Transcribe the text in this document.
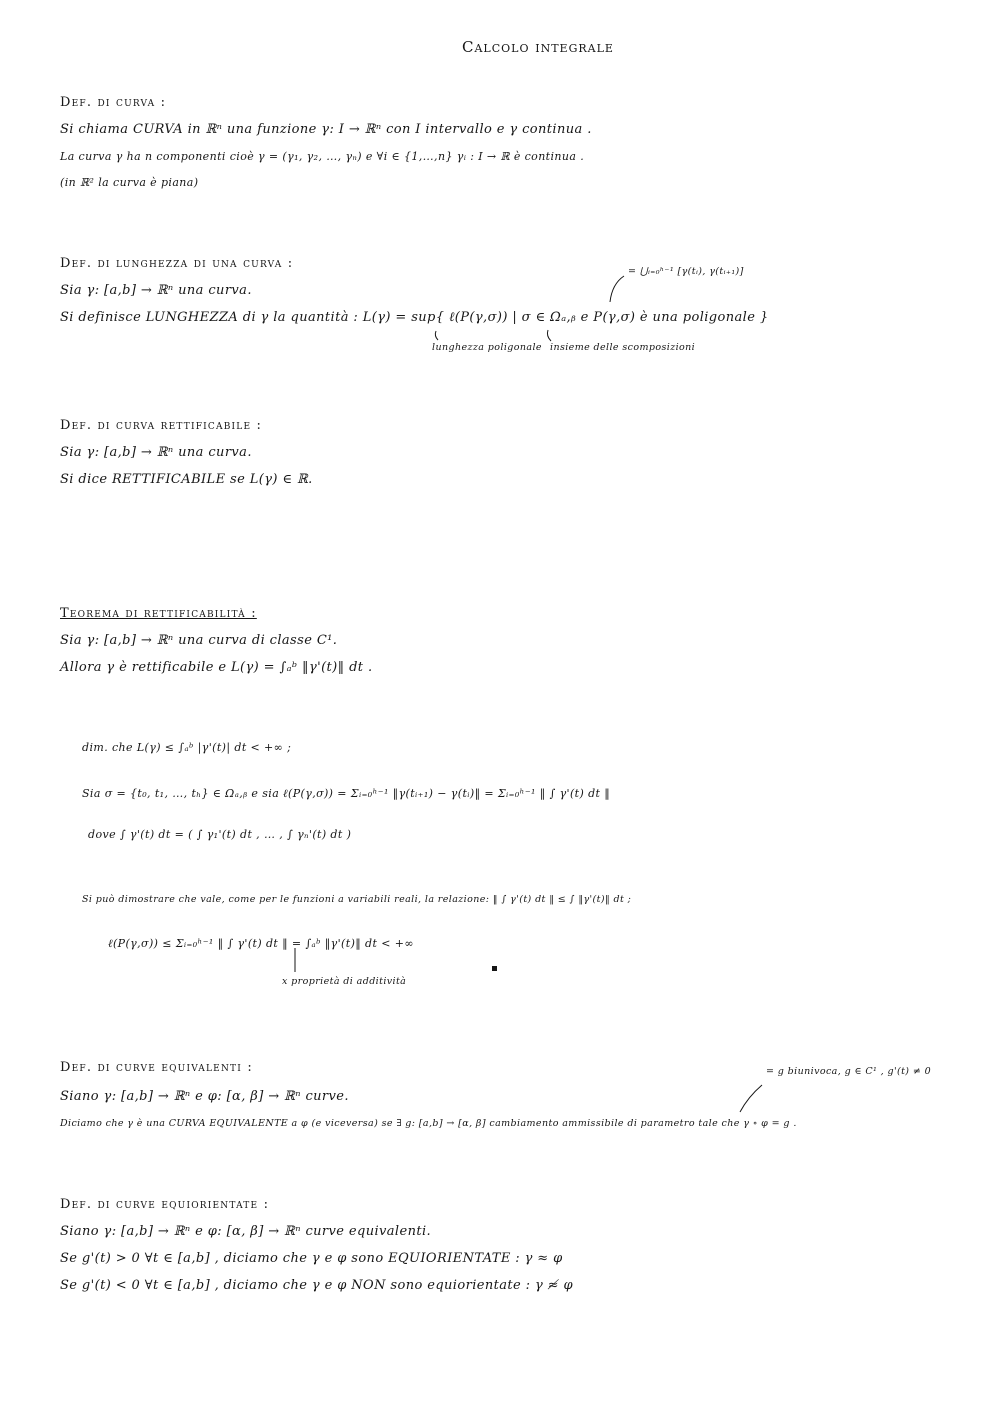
Calcolo integrale
Def. di curva :
Si chiama CURVA in ℝⁿ una funzione γ: I → ℝⁿ con I intervallo e γ continua .
La curva γ ha n componenti cioè γ = (γ₁, γ₂, …, γₙ) e ∀i ∈ {1,…,n} γᵢ : I → ℝ è continua .
(in ℝ² la curva è piana)
= ⋃ᵢ₌₀ʰ⁻¹ [γ(tᵢ), γ(tᵢ₊₁)]
Def. di lunghezza di una curva :
Sia γ: [a,b] → ℝⁿ una curva.
Si definisce LUNGHEZZA di γ la quantità : L(γ) = sup{ ℓ(P(γ,σ)) | σ ∈ Ωₐ,ᵦ e P(γ,σ) è una poligonale }
lunghezza poligonale insieme delle scomposizioni
Def. di curva rettificabile :
Sia γ: [a,b] → ℝⁿ una curva.
Si dice RETTIFICABILE se L(γ) ∈ ℝ.
Teorema di rettificabilità :
Sia γ: [a,b] → ℝⁿ una curva di classe C¹.
Allora γ è rettificabile e L(γ) = ∫ₐᵇ ‖γ'(t)‖ dt .
dim. che L(γ) ≤ ∫ₐᵇ |γ'(t)| dt < +∞ ;
Sia σ = {t₀, t₁, …, tₕ} ∈ Ωₐ,ᵦ e sia ℓ(P(γ,σ)) = Σᵢ₌₀ʰ⁻¹ ‖γ(tᵢ₊₁) − γ(tᵢ)‖ = Σᵢ₌₀ʰ⁻¹ ‖ ∫ γ'(t) dt ‖
dove ∫ γ'(t) dt = ( ∫ γ₁'(t) dt , … , ∫ γₙ'(t) dt )
Si può dimostrare che vale, come per le funzioni a variabili reali, la relazione: ‖ ∫ γ'(t) dt ‖ ≤ ∫ ‖γ'(t)‖ dt ;
ℓ(P(γ,σ)) ≤ Σᵢ₌₀ʰ⁻¹ ‖ ∫ γ'(t) dt ‖ = ∫ₐᵇ ‖γ'(t)‖ dt < +∞
x proprietà di additività
= g biunivoca, g ∈ C¹ , g'(t) ≠ 0
Def. di curve equivalenti :
Siano γ: [a,b] → ℝⁿ e φ: [α, β] → ℝⁿ curve.
Diciamo che γ è una CURVA EQUIVALENTE a φ (e viceversa) se ∃ g: [a,b] → [α, β] cambiamento ammissibile di parametro tale che γ ∘ φ = g .
Def. di curve equiorientate :
Siano γ: [a,b] → ℝⁿ e φ: [α, β] → ℝⁿ curve equivalenti.
Se g'(t) > 0 ∀t ∈ [a,b] , diciamo che γ e φ sono EQUIORIENTATE : γ ≈ φ
Se g'(t) < 0 ∀t ∈ [a,b] , diciamo che γ e φ NON sono equiorientate : γ ≉ φ
